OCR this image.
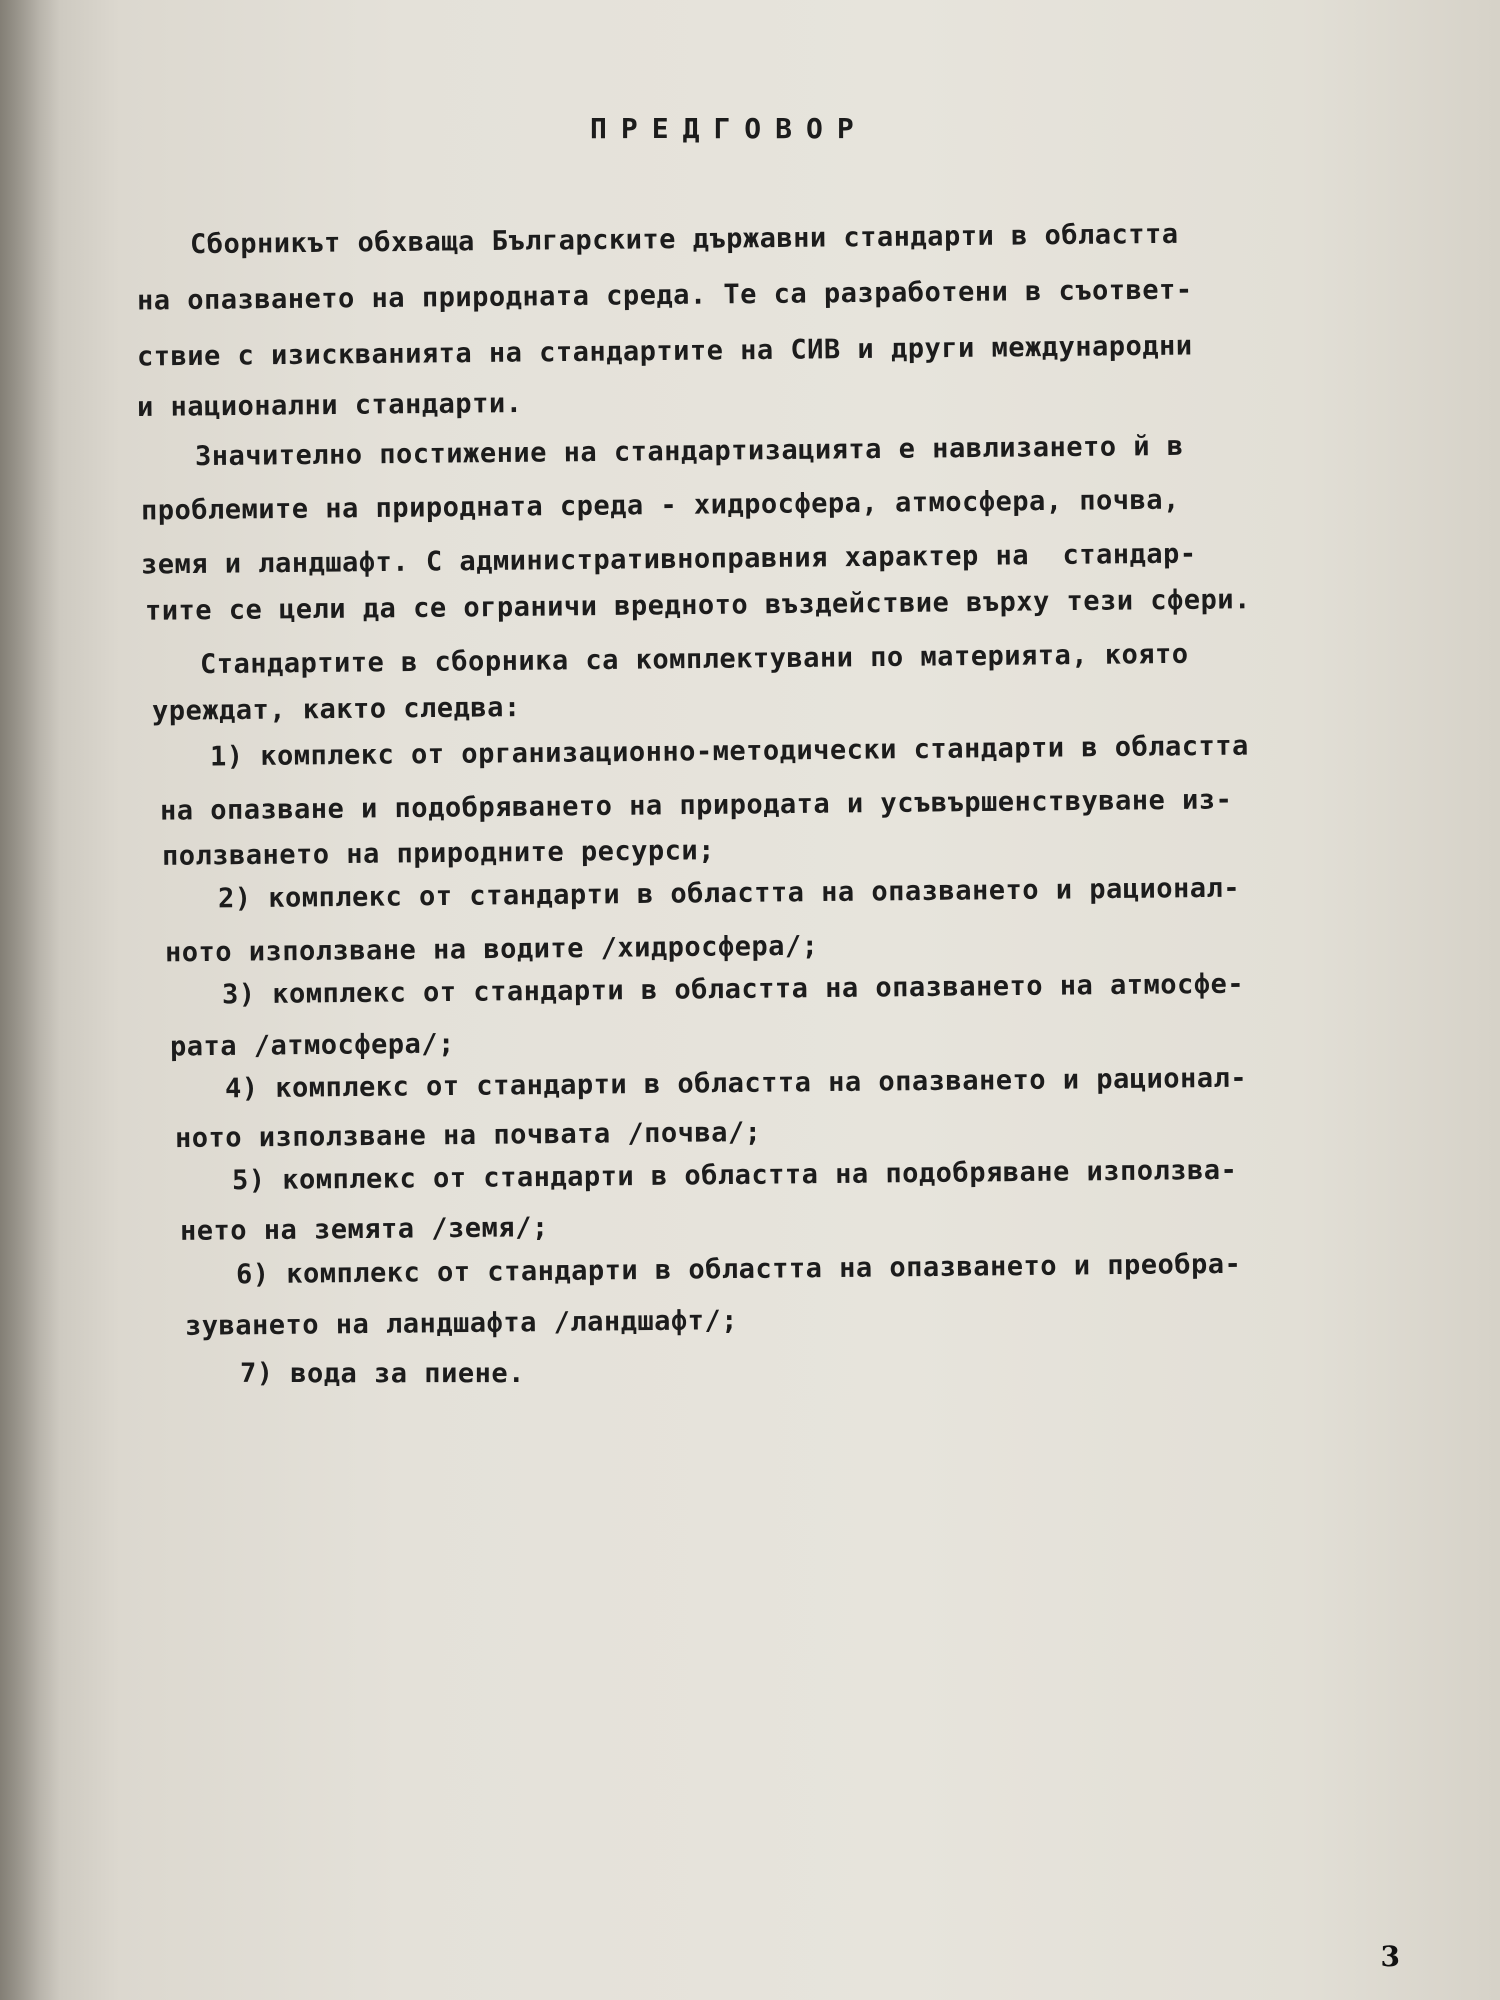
ПРЕДГОВОР
Сборникът обхваща Българските държавни стандарти в областта
на опазването на природната среда. Те са разработени в съответ-
ствие с изискванията на стандартите на СИВ и други международни
и национални стандарти.
Значително постижение на стандартизацията е навлизането й в
проблемите на природната среда - хидросфера, атмосфера, почва,
земя и ландшафт. С административноправния характер на  стандар-
тите се цели да се ограничи вредното въздействие върху тези сфери.
Стандартите в сборника са комплектувани по материята, която
уреждат, както следва:
1) комплекс от организационно-методически стандарти в областта
на опазване и подобряването на природата и усъвършенствуване из-
ползването на природните ресурси;
2) комплекс от стандарти в областта на опазването и рационал-
ното използване на водите /хидросфера/;
3) комплекс от стандарти в областта на опазването на атмосфе-
рата /атмосфера/;
4) комплекс от стандарти в областта на опазването и рационал-
ното използване на почвата /почва/;
5) комплекс от стандарти в областта на подобряване използва-
нето на земята /земя/;
6) комплекс от стандарти в областта на опазването и преобра-
зуването на ландшафта /ландшафт/;
7) вода за пиене.
3
